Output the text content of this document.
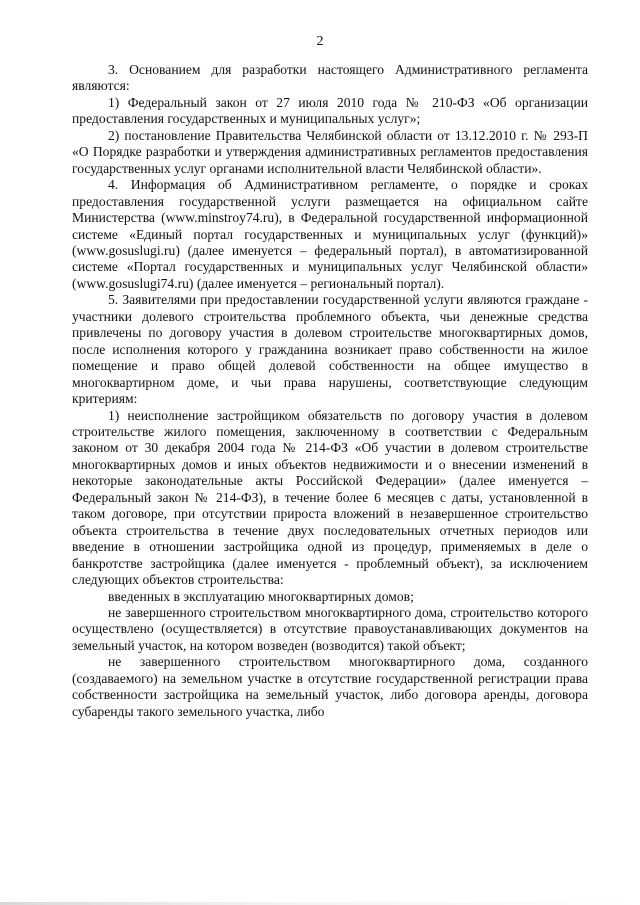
2

3. Основанием для разработки настоящего Административного регламента являются:

1) Федеральный закон от 27 июля 2010 года № 210-ФЗ «Об организации предоставления государственных и муниципальных услуг»;

2) постановление Правительства Челябинской области от 13.12.2010 г. № 293-П «О Порядке разработки и утверждения административных регламентов предоставления государственных услуг органами исполнительной власти Челябинской области».

4. Информация об Административном регламенте, о порядке и сроках предоставления государственной услуги размещается на официальном сайте Министерства (www.minstroy74.ru), в Федеральной государственной информационной системе «Единый портал государственных и муниципальных услуг (функций)» (www.gosuslugi.ru) (далее именуется – федеральный портал), в автоматизированной системе «Портал государственных и муниципальных услуг Челябинской области» (www.gosuslugi74.ru) (далее именуется – региональный портал).

5. Заявителями при предоставлении государственной услуги являются граждане - участники долевого строительства проблемного объекта, чьи денежные средства привлечены по договору участия в долевом строительстве многоквартирных домов, после исполнения которого у гражданина возникает право собственности на жилое помещение и право общей долевой собственности на общее имущество в многоквартирном доме, и чьи права нарушены, соответствующие следующим критериям:

1) неисполнение застройщиком обязательств по договору участия в долевом строительстве жилого помещения, заключенному в соответствии с Федеральным законом от 30 декабря 2004 года № 214-ФЗ «Об участии в долевом строительстве многоквартирных домов и иных объектов недвижимости и о внесении изменений в некоторые законодательные акты Российской Федерации» (далее именуется – Федеральный закон № 214-ФЗ), в течение более 6 месяцев с даты, установленной в таком договоре, при отсутствии прироста вложений в незавершенное строительство объекта строительства в течение двух последовательных отчетных периодов или введение в отношении застройщика одной из процедур, применяемых в деле о банкротстве застройщика (далее именуется - проблемный объект), за исключением следующих объектов строительства:

введенных в эксплуатацию многоквартирных домов;

не завершенного строительством многоквартирного дома, строительство которого осуществлено (осуществляется) в отсутствие правоустанавливающих документов на земельный участок, на котором возведен (возводится) такой объект;

не завершенного строительством многоквартирного дома, созданного (создаваемого) на земельном участке в отсутствие государственной регистрации права собственности застройщика на земельный участок, либо договора аренды, договора субаренды такого земельного участка, либо
